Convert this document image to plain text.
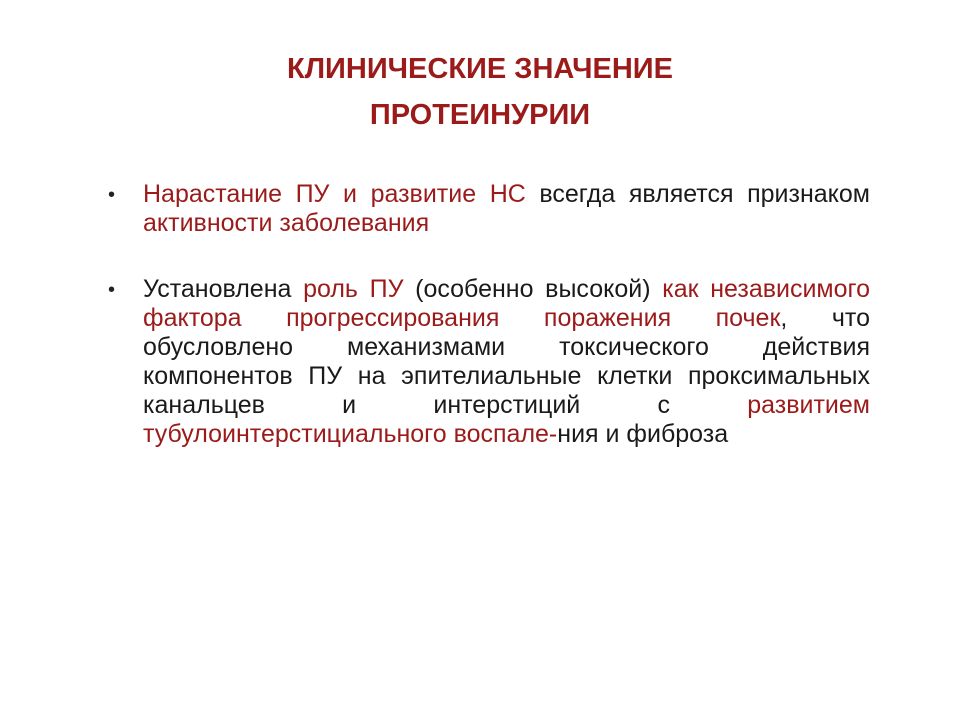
КЛИНИЧЕСКИЕ ЗНАЧЕНИЕ
ПРОТЕИНУРИИ
• Нарастание ПУ и развитие НС всегда является признаком активности заболевания
• Установлена роль ПУ (особенно высокой) как независимого фактора прогрессирования поражения почек, что обусловлено механизмами токсического действия компонентов ПУ на эпителиальные клетки проксимальных канальцев и интерстиций с развитием тубулоинтерстициального воспале-ния и фиброза
